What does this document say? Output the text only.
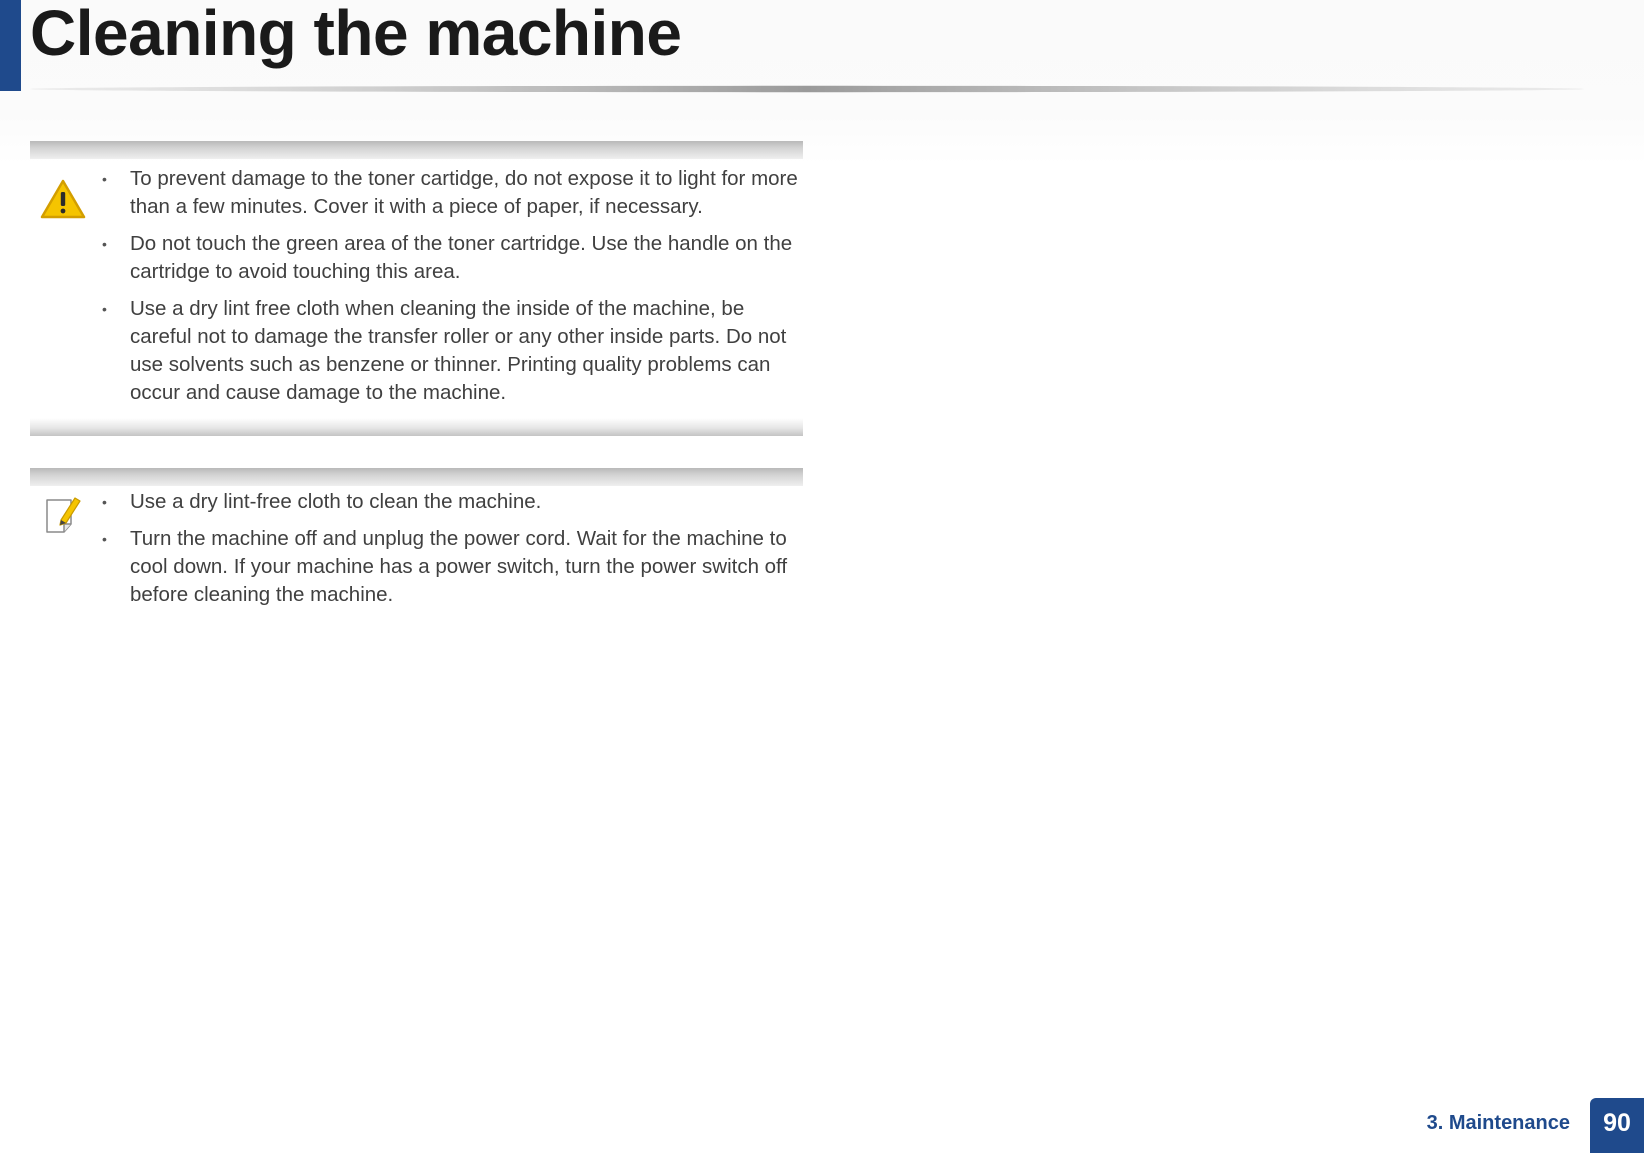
Cleaning the machine
• To prevent damage to the toner cartidge, do not expose it to light for more than a few minutes. Cover it with a piece of paper, if necessary.
• Do not touch the green area of the toner cartridge. Use the handle on the cartridge to avoid touching this area.
• Use a dry lint free cloth when cleaning the inside of the machine, be careful not to damage the transfer roller or any other inside parts. Do not use solvents such as benzene or thinner. Printing quality problems can occur and cause damage to the machine.
• Use a dry lint-free cloth to clean the machine.
• Turn the machine off and unplug the power cord. Wait for the machine to cool down. If your machine has a power switch, turn the power switch off before cleaning the machine.
3. Maintenance	90
